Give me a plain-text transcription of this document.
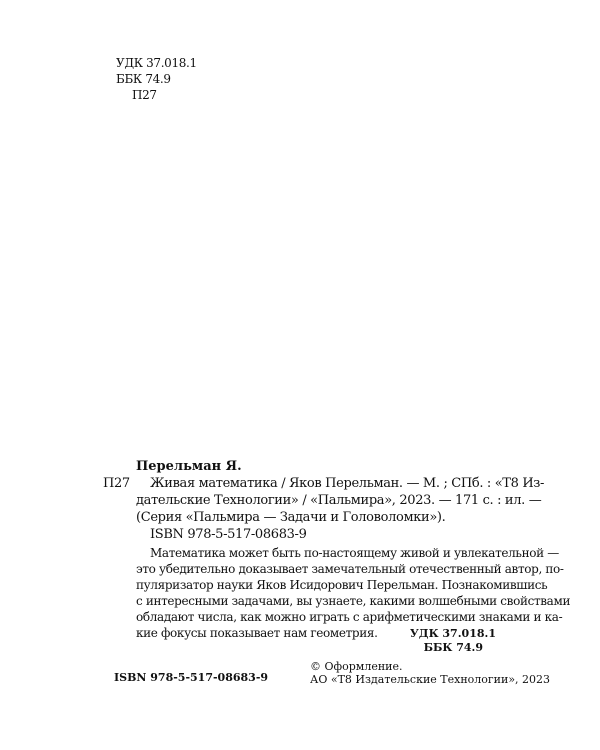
УДК 37.018.1
ББК 74.9
П27
Перельман Я.
П27 Живая математика / Яков Перельман. — М. ; СПб. : «Т8 Из-
дательские Технологии» / «Пальмира», 2023. — 171 с. : ил. —
(Серия «Пальмира — Задачи и Головоломки»).
ISBN 978-5-517-08683-9
Математика может быть по-настоящему живой и увлекательной —
это убедительно доказывает замечательный отечественный автор, по-
пуляризатор науки Яков Исидорович Перельман. Познакомившись
с интересными задачами, вы узнаете, какими волшебными свойствами
обладают числа, как можно играть с арифметическими знаками и ка-
кие фокусы показывает нам геометрия.	УДК 37.018.1
ББК 74.9
ISBN 978-5-517-08683-9
© Оформление.
АО «Т8 Издательские Технологии», 2023
